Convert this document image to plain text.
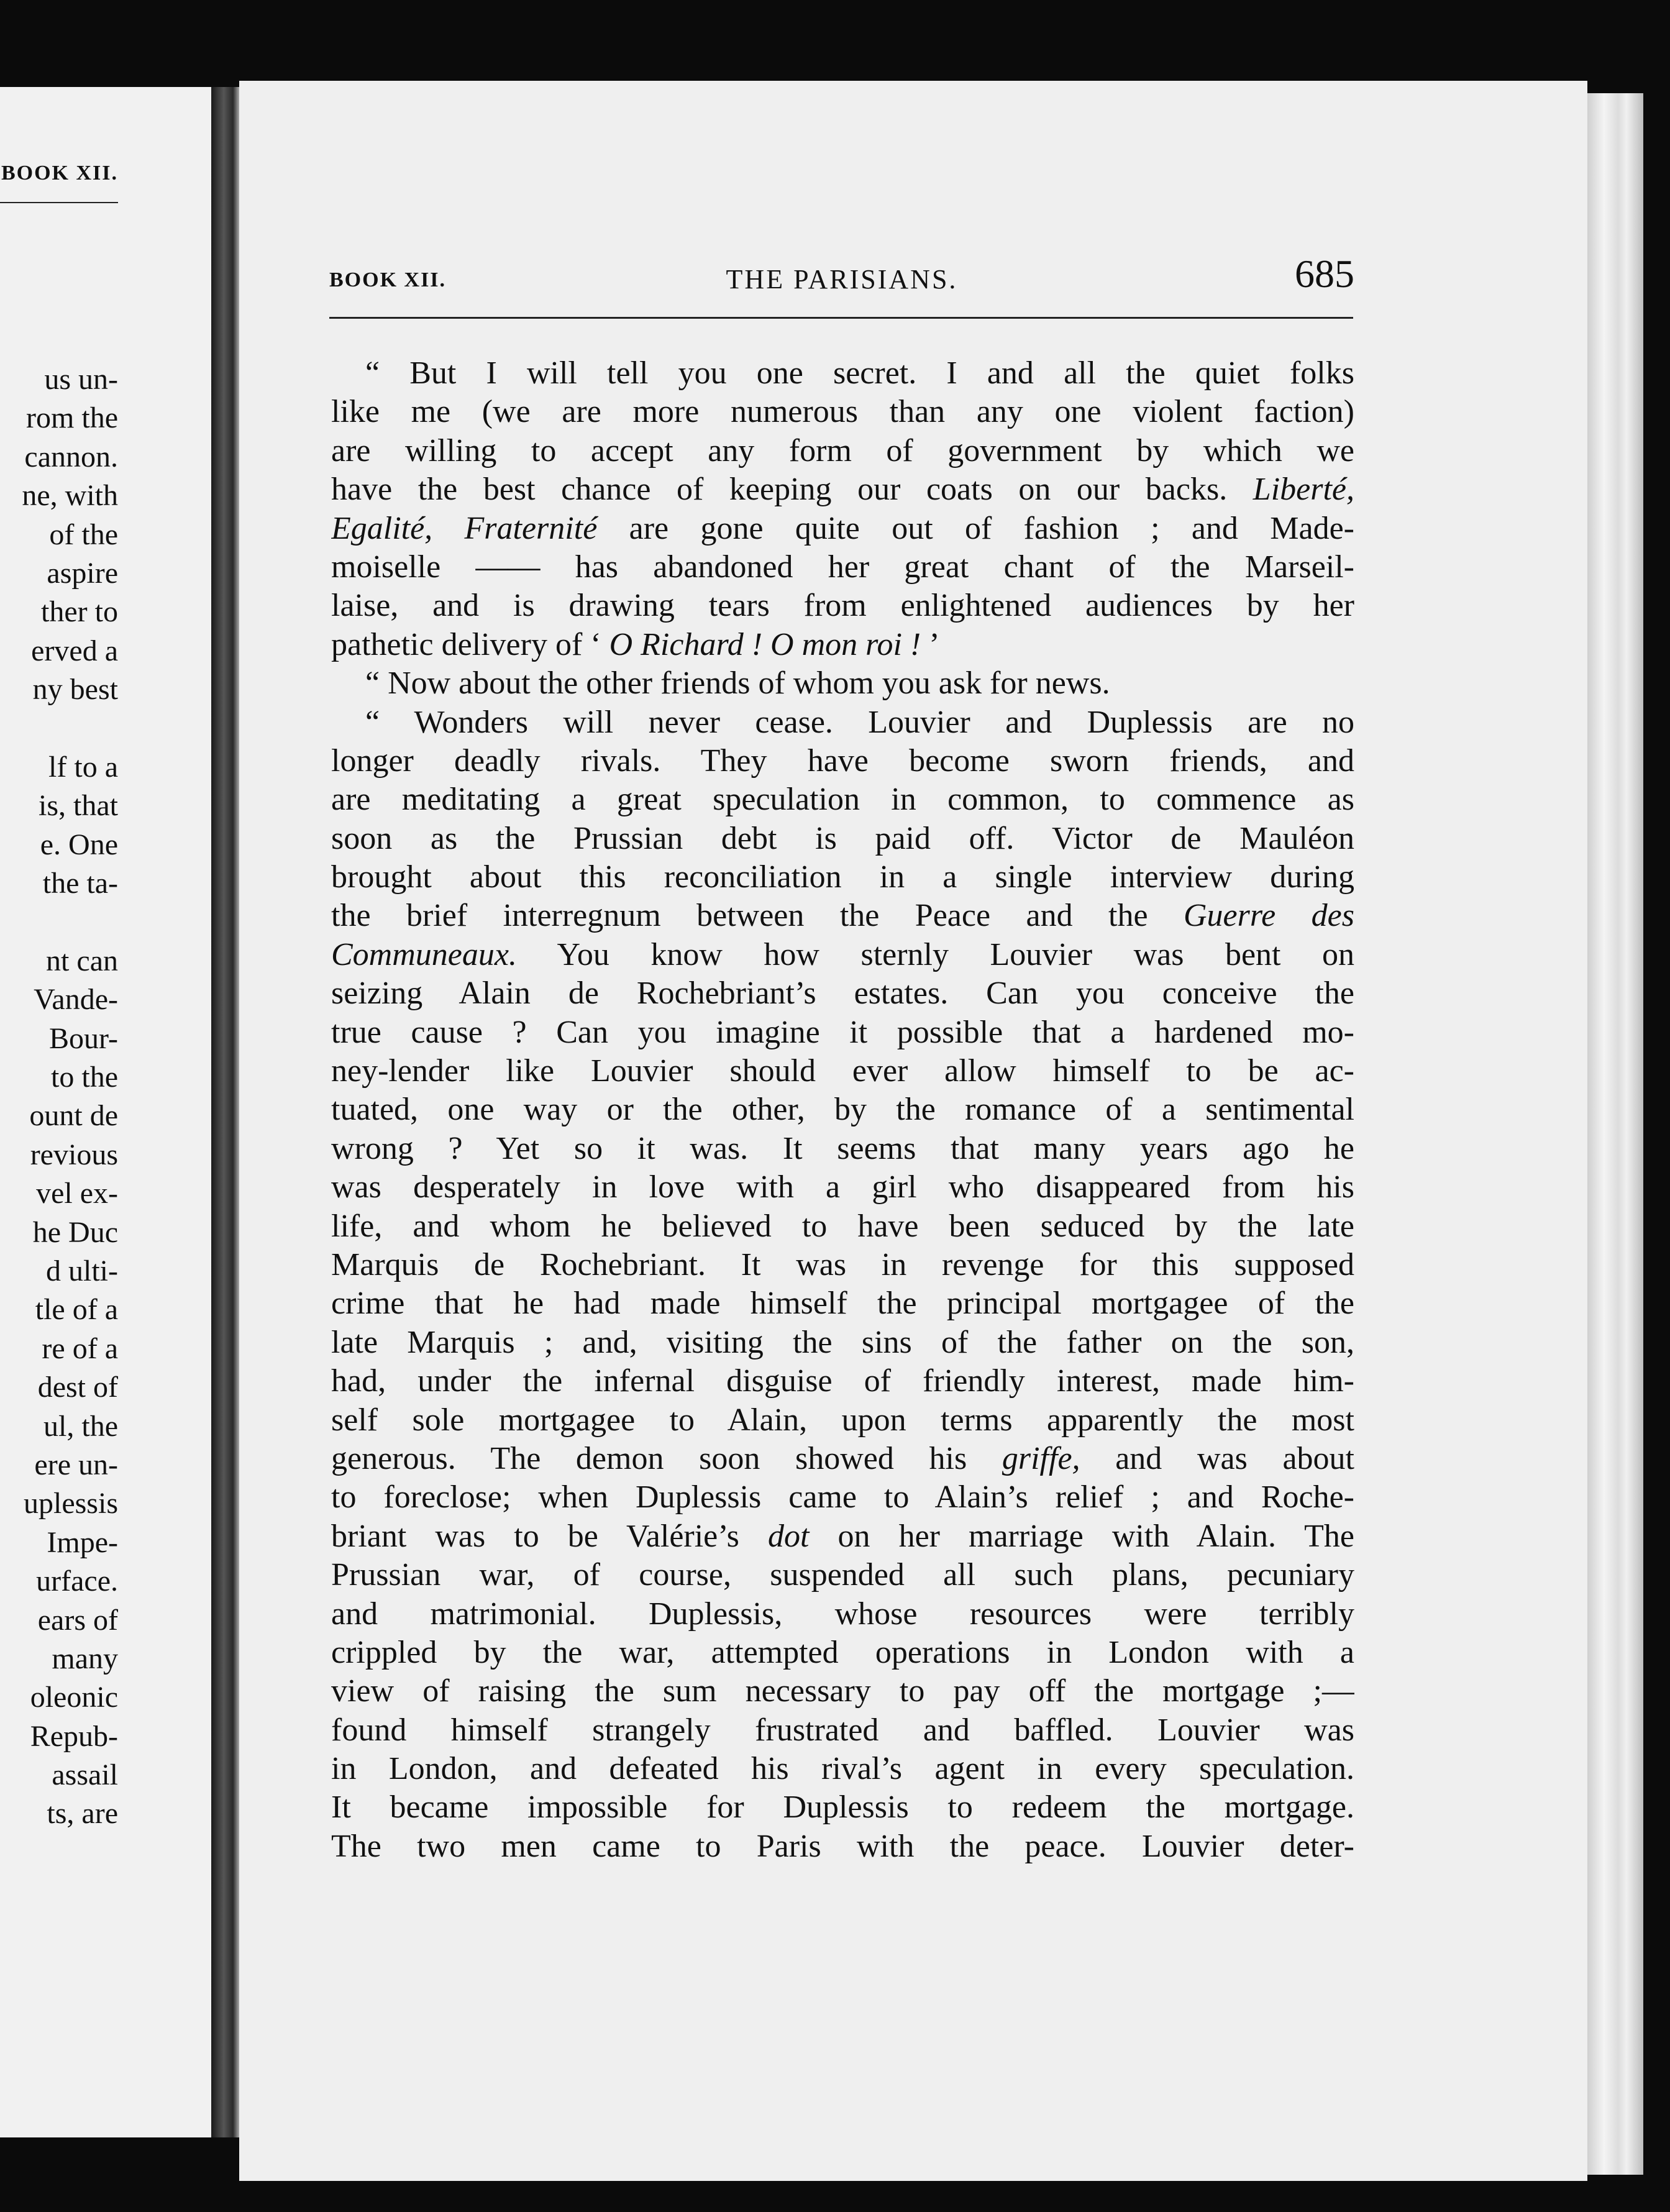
BOOK XII.
us un-
rom the
cannon.
ne, with
of the
aspire
ther to
erved a
ny best
lf to a
is, that
e. One
the ta-
nt can
Vande-
Bour-
to the
ount de
revious
vel ex-
he Duc
d ulti-
tle of a
re of a
dest of
ul, the
ere un-
uplessis
Impe-
urface.
ears of
many
oleonic
Repub-
assail
ts, are
BOOK XII.	THE PARISIANS.	685
“ But I will tell you one secret. I and all the quiet folks
like me (we are more numerous than any one violent faction)
are willing to accept any form of government by which we
have the best chance of keeping our coats on our backs. Liberté,
Egalité, Fraternité are gone quite out of fashion ; and Made-
moiselle —— has abandoned her great chant of the Marseil-
laise, and is drawing tears from enlightened audiences by her
pathetic delivery of ‘ O Richard ! O mon roi ! ’
“ Now about the other friends of whom you ask for news.
“ Wonders will never cease. Louvier and Duplessis are no
longer deadly rivals. They have become sworn friends, and
are meditating a great speculation in common, to commence as
soon as the Prussian debt is paid off. Victor de Mauléon
brought about this reconciliation in a single interview during
the brief interregnum between the Peace and the Guerre des
Communeaux. You know how sternly Louvier was bent on
seizing Alain de Rochebriant’s estates. Can you conceive the
true cause ? Can you imagine it possible that a hardened mo-
ney-lender like Louvier should ever allow himself to be ac-
tuated, one way or the other, by the romance of a sentimental
wrong ? Yet so it was. It seems that many years ago he
was desperately in love with a girl who disappeared from his
life, and whom he believed to have been seduced by the late
Marquis de Rochebriant. It was in revenge for this supposed
crime that he had made himself the principal mortgagee of the
late Marquis ; and, visiting the sins of the father on the son,
had, under the infernal disguise of friendly interest, made him-
self sole mortgagee to Alain, upon terms apparently the most
generous. The demon soon showed his griffe, and was about
to foreclose; when Duplessis came to Alain’s relief ; and Roche-
briant was to be Valérie’s dot on her marriage with Alain. The
Prussian war, of course, suspended all such plans, pecuniary
and matrimonial. Duplessis, whose resources were terribly
crippled by the war, attempted operations in London with a
view of raising the sum necessary to pay off the mortgage ;—
found himself strangely frustrated and baffled. Louvier was
in London, and defeated his rival’s agent in every speculation.
It became impossible for Duplessis to redeem the mortgage.
The two men came to Paris with the peace. Louvier deter-
